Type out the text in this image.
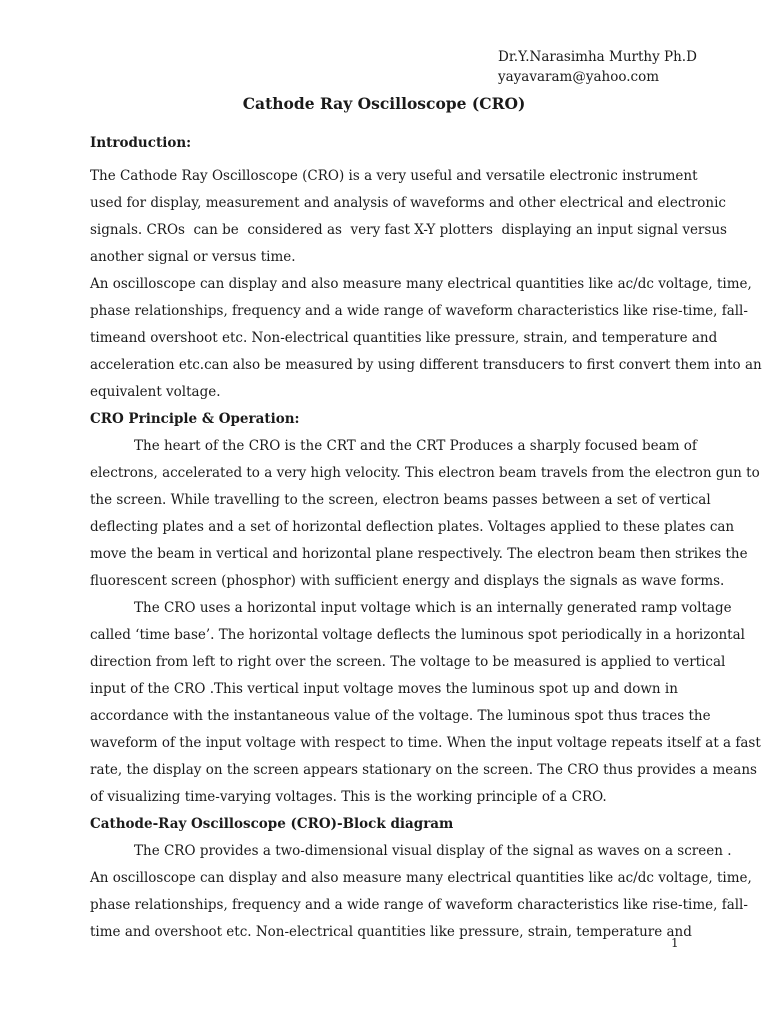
Dr.Y.Narasimha Murthy Ph.D
yayavaram@yahoo.com
Cathode Ray Oscilloscope (CRO)
Introduction:

The Cathode Ray Oscilloscope (CRO) is a very useful and versatile electronic instrument
used for display, measurement and analysis of waveforms and other electrical and electronic
signals. CROs  can be  considered as  very fast X-Y plotters  displaying an input signal versus
another signal or versus time.

An oscilloscope can display and also measure many electrical quantities like ac/dc voltage, time,
phase relationships, frequency and a wide range of waveform characteristics like rise-time, fall-
timeand overshoot etc. Non-electrical quantities like pressure, strain, and temperature and
acceleration etc.can also be measured by using different transducers to first convert them into an
equivalent voltage.

CRO Principle & Operation:

The heart of the CRO is the CRT and the CRT Produces a sharply focused beam of
electrons, accelerated to a very high velocity. This electron beam travels from the electron gun to
the screen. While travelling to the screen, electron beams passes between a set of vertical
deflecting plates and a set of horizontal deflection plates. Voltages applied to these plates can
move the beam in vertical and horizontal plane respectively. The electron beam then strikes the
fluorescent screen (phosphor) with sufficient energy and displays the signals as wave forms.

The CRO uses a horizontal input voltage which is an internally generated ramp voltage
called ‘time base’. The horizontal voltage deflects the luminous spot periodically in a horizontal
direction from left to right over the screen. The voltage to be measured is applied to vertical
input of the CRO .This vertical input voltage moves the luminous spot up and down in
accordance with the instantaneous value of the voltage. The luminous spot thus traces the
waveform of the input voltage with respect to time. When the input voltage repeats itself at a fast
rate, the display on the screen appears stationary on the screen. The CRO thus provides a means
of visualizing time-varying voltages. This is the working principle of a CRO.

Cathode-Ray Oscilloscope (CRO)-Block diagram

The CRO provides a two-dimensional visual display of the signal as waves on a screen .

An oscilloscope can display and also measure many electrical quantities like ac/dc voltage, time,
phase relationships, frequency and a wide range of waveform characteristics like rise-time, fall-
time and overshoot etc. Non-electrical quantities like pressure, strain, temperature and

1
